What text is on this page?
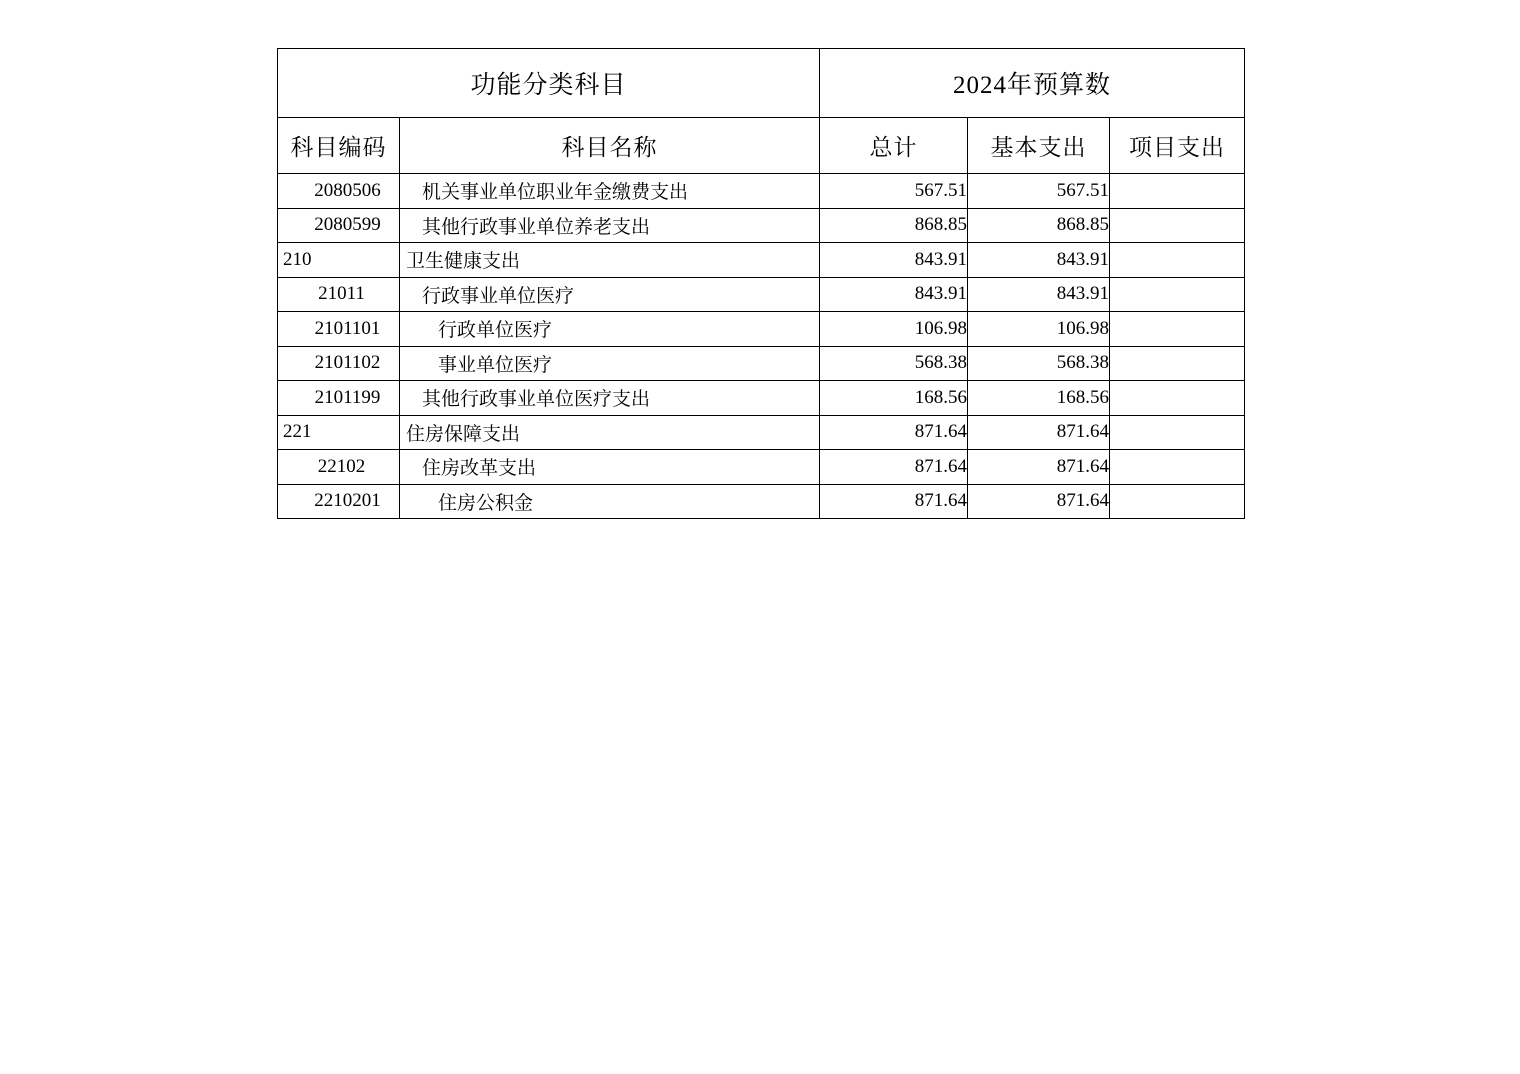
功能分类科目		2024年预算数		
科目编码	科目名称	总计	基本支出	项目支出
2080506	机关事业单位职业年金缴费支出	567.51	567.51	
2080599	其他行政事业单位养老支出	868.85	868.85	
210	卫生健康支出	843.91	843.91	
21011	行政事业单位医疗	843.91	843.91	
2101101	行政单位医疗	106.98	106.98	
2101102	事业单位医疗	568.38	568.38	
2101199	其他行政事业单位医疗支出	168.56	168.56	
221	住房保障支出	871.64	871.64	
22102	住房改革支出	871.64	871.64	
2210201	住房公积金	871.64	871.64	
